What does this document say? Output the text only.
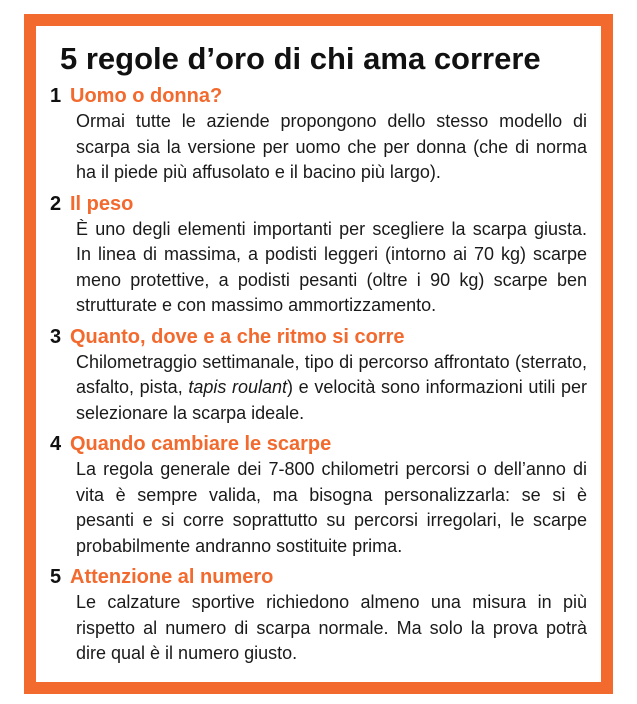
5 regole d’oro di chi ama correre
1 Uomo o donna?
Ormai tutte le aziende propongono dello stesso modello di scarpa sia la versione per uomo che per donna (che di norma ha il piede più affusolato e il bacino più largo).
2 Il peso
È uno degli elementi importanti per scegliere la scarpa giusta. In linea di massima, a podisti leggeri (intorno ai 70 kg) scarpe meno protettive, a podisti pesanti (oltre i 90 kg) scarpe ben strutturate e con massimo ammortizzamento.
3 Quanto, dove e a che ritmo si corre
Chilometraggio settimanale, tipo di percorso affrontato (sterrato, asfalto, pista, tapis roulant) e velocità sono informazioni utili per selezionare la scarpa ideale.
4 Quando cambiare le scarpe
La regola generale dei 7-800 chilometri percorsi o dell’anno di vita è sempre valida, ma bisogna personalizzarla: se si è pesanti e si corre soprattutto su percorsi irregolari, le scarpe probabilmente andranno sostituite prima.
5 Attenzione al numero
Le calzature sportive richiedono almeno una misura in più rispetto al numero di scarpa normale. Ma solo la prova potrà dire qual è il numero giusto.
